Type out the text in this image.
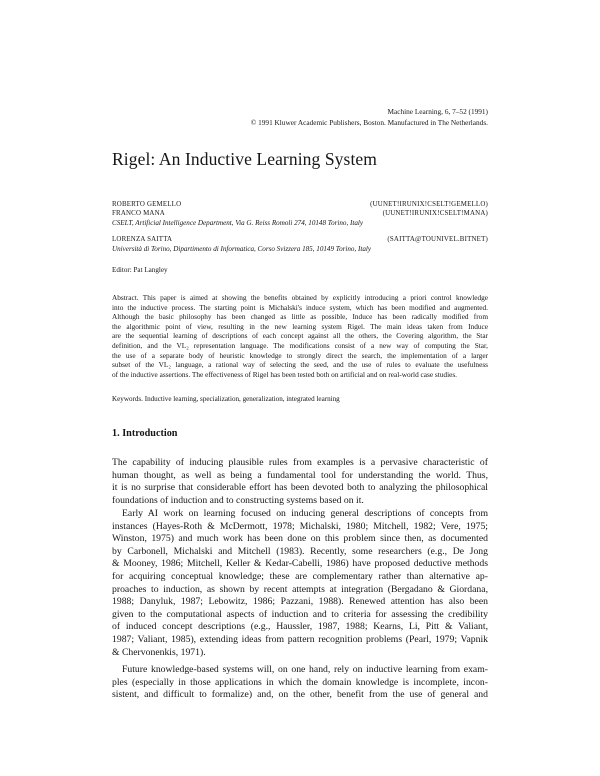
Machine Learning, 6, 7–52 (1991)
© 1991 Kluwer Academic Publishers, Boston. Manufactured in The Netherlands.
Rigel: An Inductive Learning System
ROBERTO GEMELLO	(UUNET!IRUNIX!CSELT!GEMELLO)
FRANCO MANA	(UUNET!IRUNIX!CSELT!MANA)
CSELT, Artificial Intelligence Department, Via G. Reiss Romoli 274, 10148 Torino, Italy
LORENZA SAITTA	(SAITTA@TOUNIVEL.BITNET)
Università di Torino, Dipartimento di Informatica, Corso Svizzera 185, 10149 Torino, Italy
Editor: Pat Langley
Abstract. This paper is aimed at showing the benefits obtained by explicitly introducing a priori control knowledge
into the inductive process. The starting point is Michalski's induce system, which has been modified and augmented.
Although the basic philosophy has been changed as little as possible, Induce has been radically modified from
the algorithmic point of view, resulting in the new learning system Rigel. The main ideas taken from Induce
are the sequential learning of descriptions of each concept against all the others, the Covering algorithm, the Star
definition, and the VL₂ representation language. The modifications consist of a new way of computing the Star,
the use of a separate body of heuristic knowledge to strongly direct the search, the implementation of a larger
subset of the VL₂ language, a rational way of selecting the seed, and the use of rules to evaluate the usefulness
of the inductive assertions. The effectiveness of Rigel has been tested both on artificial and on real-world case studies.
Keywords. Inductive learning, specialization, generalization, integrated learning
1. Introduction
The capability of inducing plausible rules from examples is a pervasive characteristic of
human thought, as well as being a fundamental tool for understanding the world. Thus,
it is no surprise that considerable effort has been devoted both to analyzing the philosophical
foundations of induction and to constructing systems based on it.
Early AI work on learning focused on inducing general descriptions of concepts from
instances (Hayes-Roth & McDermott, 1978; Michalski, 1980; Mitchell, 1982; Vere, 1975;
Winston, 1975) and much work has been done on this problem since then, as documented
by Carbonell, Michalski and Mitchell (1983). Recently, some researchers (e.g., De Jong
& Mooney, 1986; Mitchell, Keller & Kedar-Cabelli, 1986) have proposed deductive methods
for acquiring conceptual knowledge; these are complementary rather than alternative ap-
proaches to induction, as shown by recent attempts at integration (Bergadano & Giordana,
1988; Danyluk, 1987; Lebowitz, 1986; Pazzani, 1988). Renewed attention has also been
given to the computational aspects of induction and to criteria for assessing the credibility
of induced concept descriptions (e.g., Haussler, 1987, 1988; Kearns, Li, Pitt & Valiant,
1987; Valiant, 1985), extending ideas from pattern recognition problems (Pearl, 1979; Vapnik
& Chervonenkis, 1971).
Future knowledge-based systems will, on one hand, rely on inductive learning from exam-
ples (especially in those applications in which the domain knowledge is incomplete, incon-
sistent, and difficult to formalize) and, on the other, benefit from the use of general and
